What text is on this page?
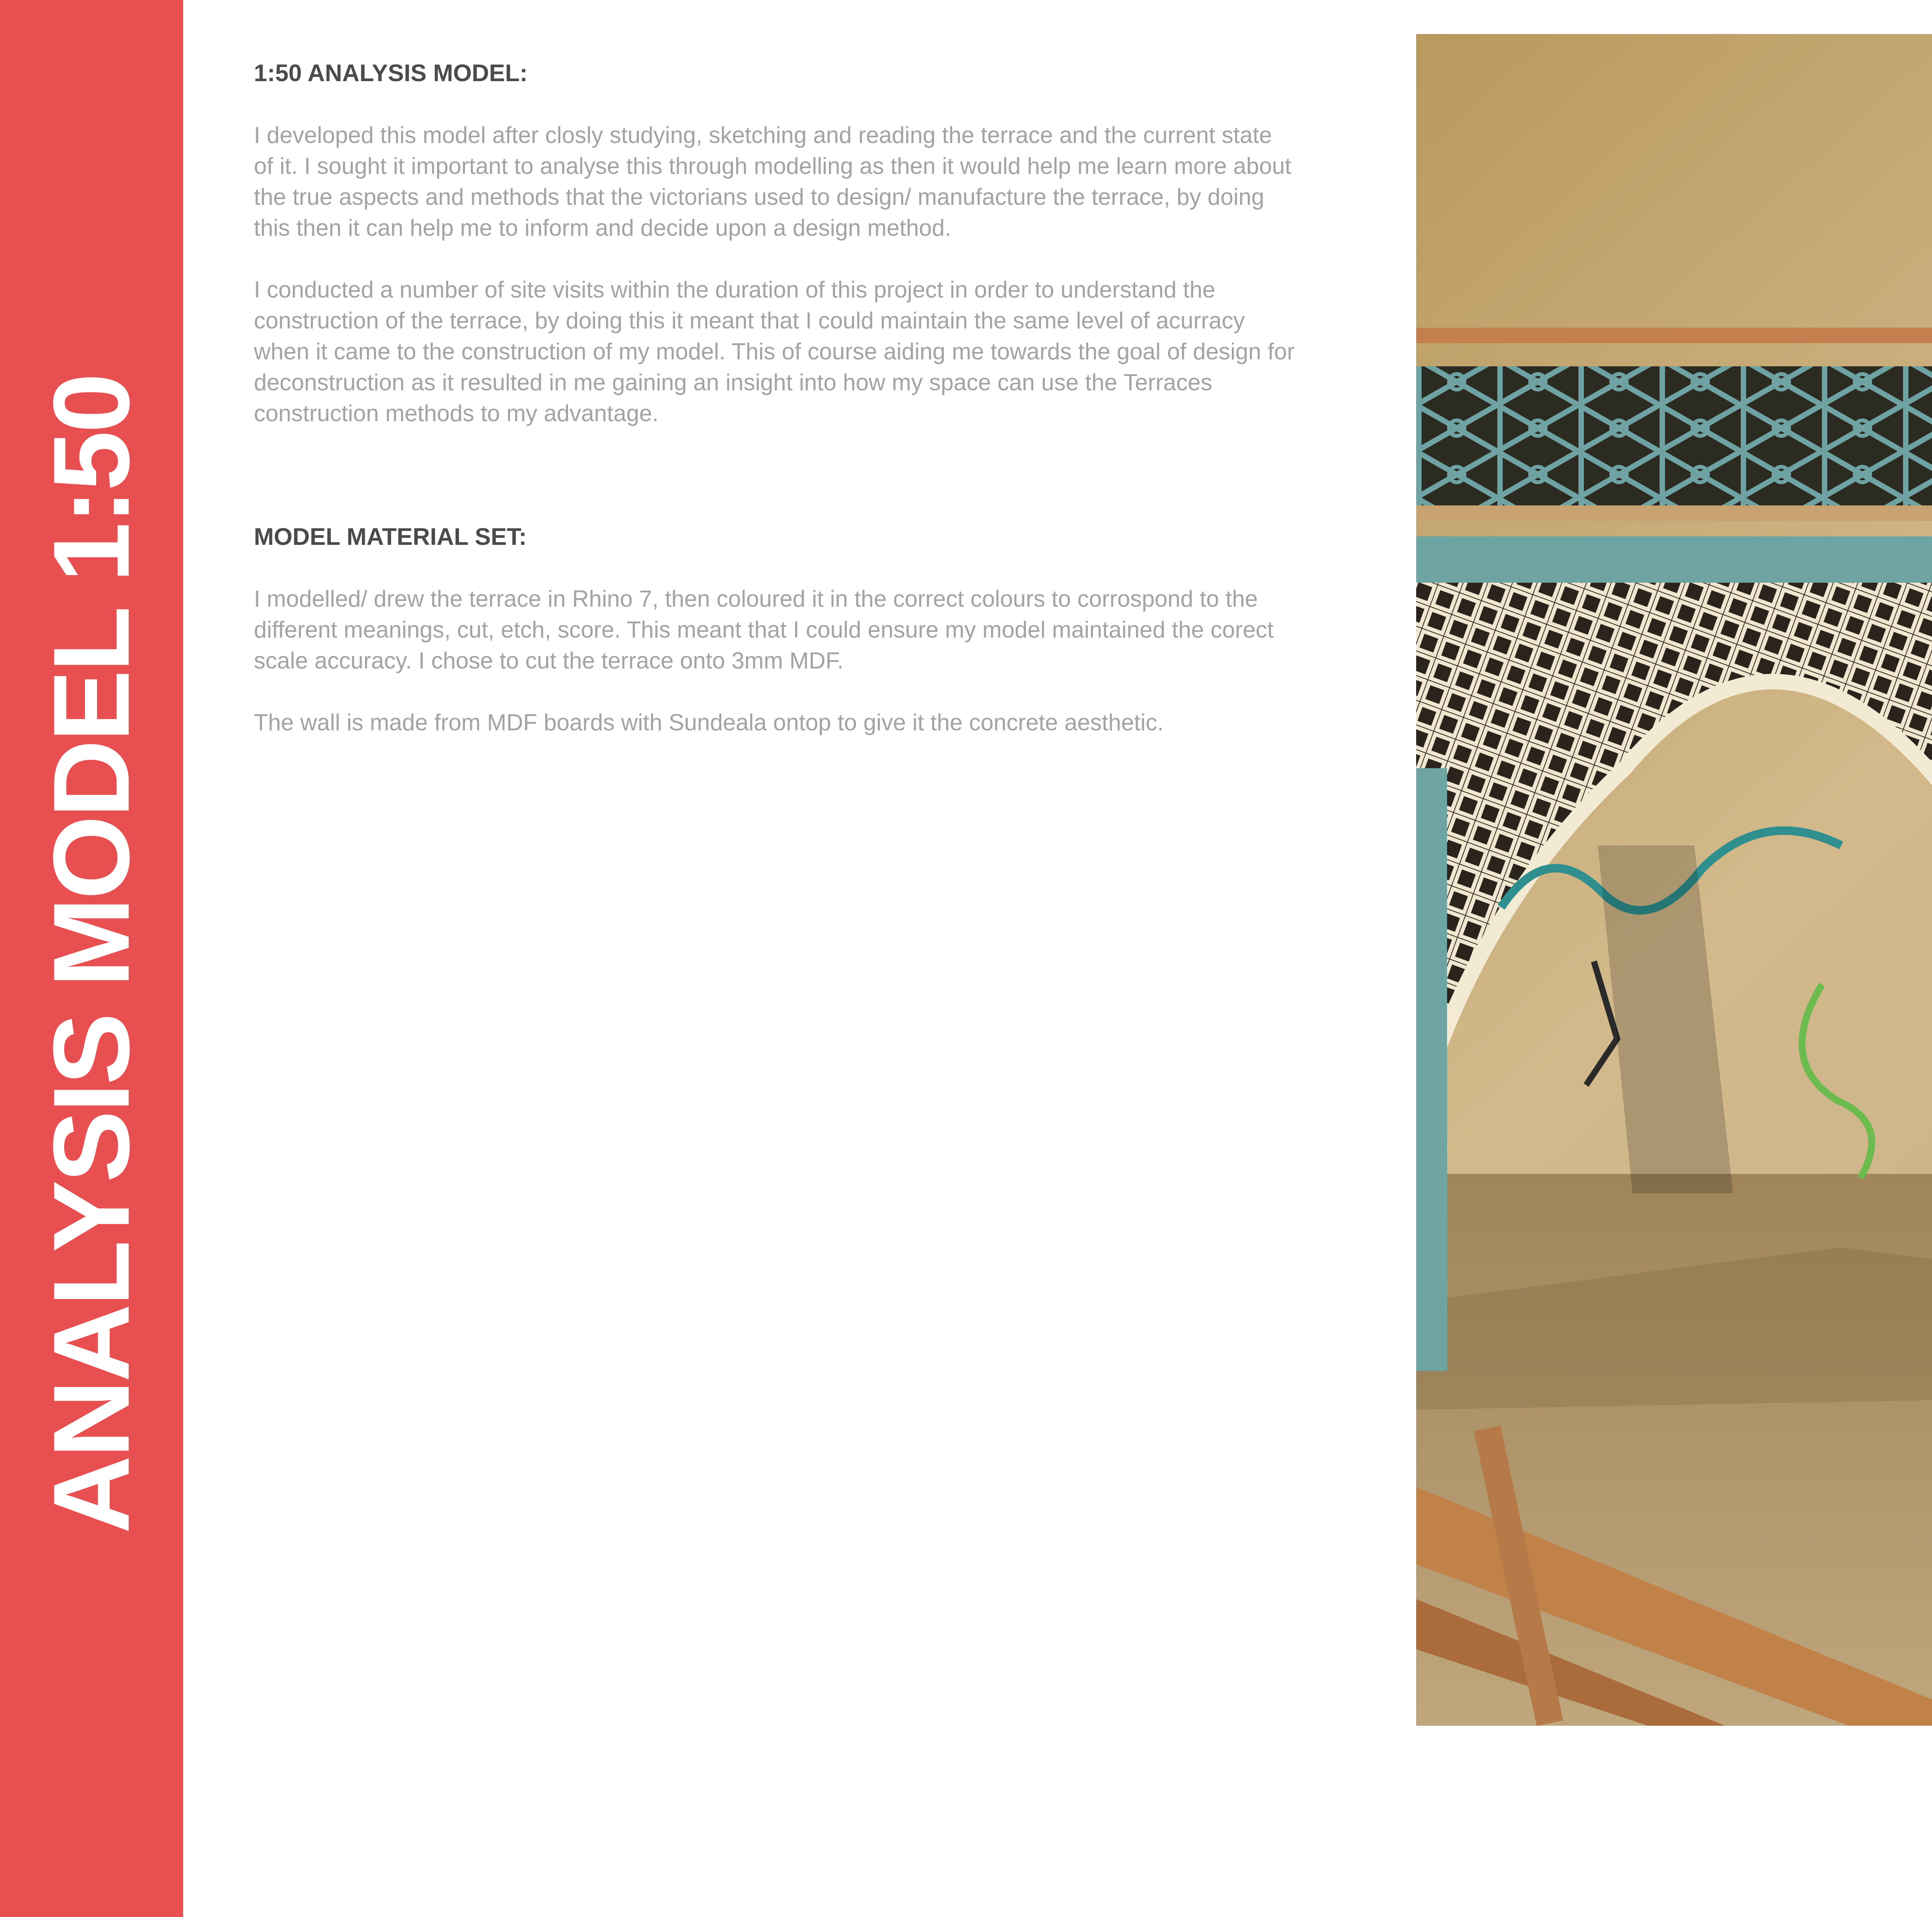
ANALYSIS MODEL 1:50

1:50 ANALYSIS MODEL:

I developed this model after closly studying, sketching and reading the terrace and the current state of it. I sought it important to analyse this through modelling as then it would help me learn more about the true aspects and methods that the victorians used to design/ manufacture the terrace, by doing this then it can help me to inform and decide upon a design method.

I conducted a number of site visits within the duration of this project in order to understand the construction of the terrace, by doing this it meant that I could maintain the same level of acurracy when it came to the construction of my model. This of course aiding me towards the goal of design for deconstruction as it resulted in me gaining an insight into how my space can use the Terraces construction methods to my advantage.

MODEL MATERIAL SET:

I modelled/ drew the terrace in Rhino 7, then coloured it in the correct colours to corrospond to the different meanings, cut, etch, score. This meant that I could ensure my model maintained the corect scale accuracy. I chose to cut the terrace onto 3mm MDF.

The wall is made from MDF boards with Sundeala ontop to give it the concrete aesthetic.
